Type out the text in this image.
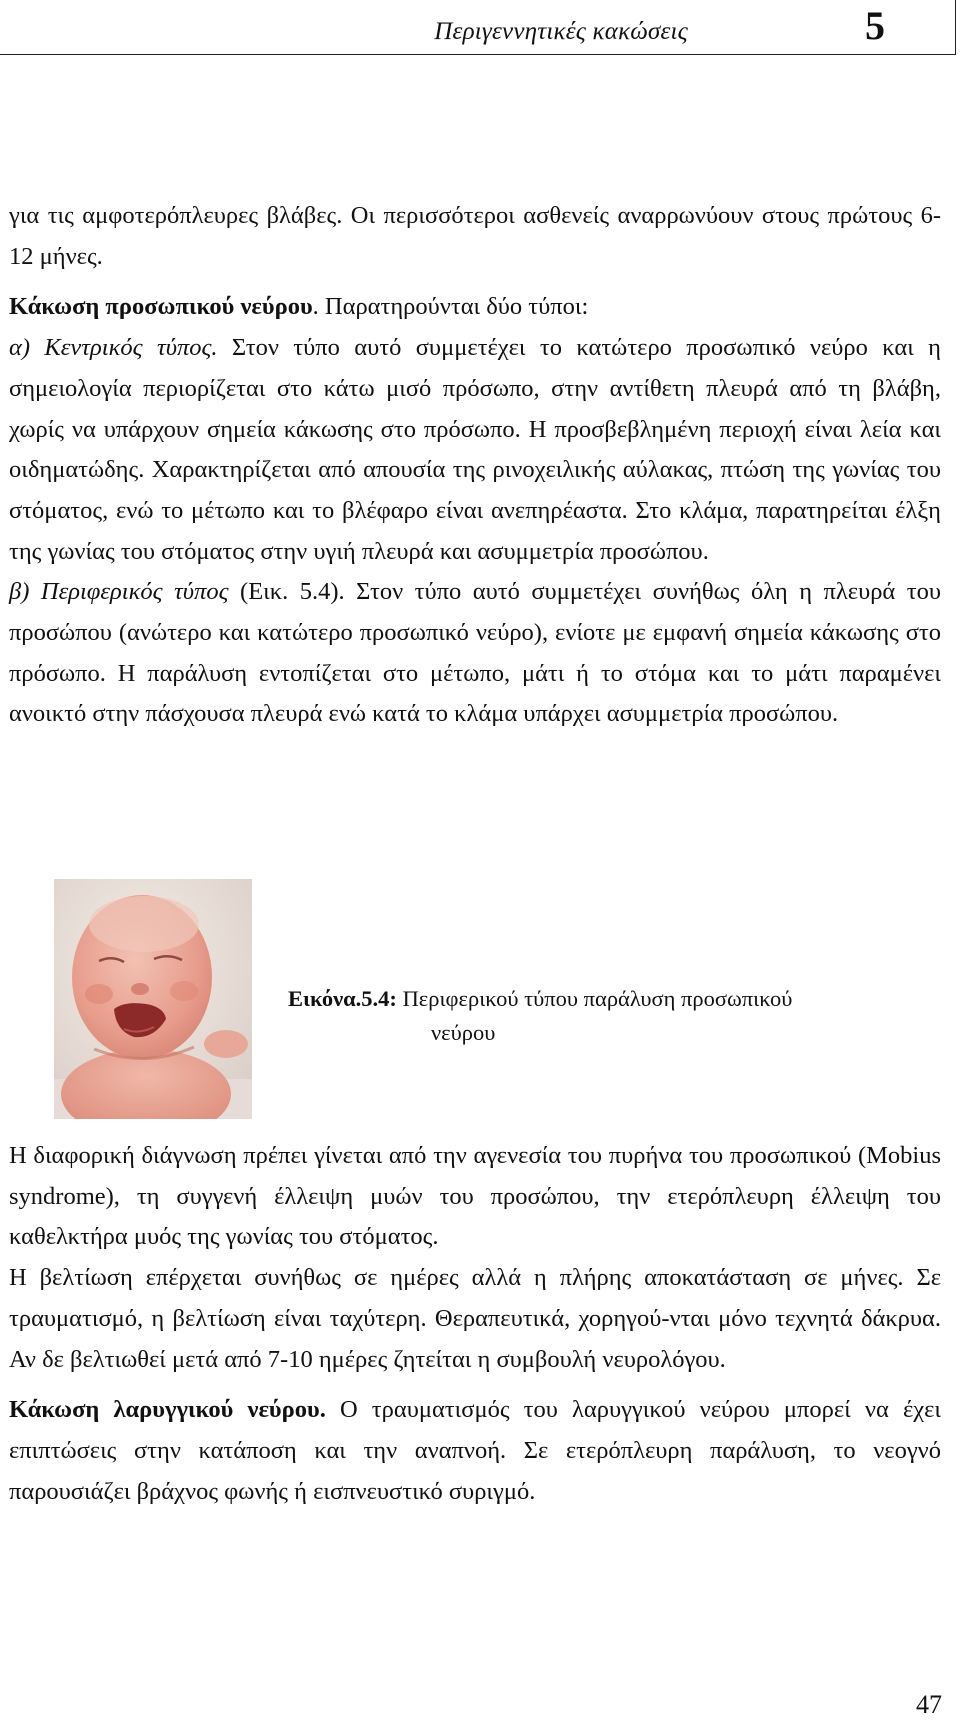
Περιγεννητικές κακώσεις	5

για τις αμφοτερόπλευρες βλάβες. Οι περισσότεροι ασθενείς αναρρωνύουν στους πρώτους 6-12 μήνες.

Κάκωση προσωπικού νεύρου. Παρατηρούνται δύο τύποι:

α) Κεντρικός τύπος. Στον τύπο αυτό συμμετέχει το κατώτερο προσωπικό νεύρο και η σημειολογία περιορίζεται στο κάτω μισό πρόσωπο, στην αντίθετη πλευρά από τη βλάβη, χωρίς να υπάρχουν σημεία κάκωσης στο πρόσωπο. Η προσβεβλημένη περιοχή είναι λεία και οιδηματώδης. Χαρακτηρίζεται από απουσία της ρινοχειλικής αύλακας, πτώση της γωνίας του στόματος, ενώ το μέτωπο και το βλέφαρο είναι ανεπηρέαστα. Στο κλάμα, παρατηρείται έλξη της γωνίας του στόματος στην υγιή πλευρά και ασυμμετρία προσώπου.

β) Περιφερικός τύπος (Εικ. 5.4). Στον τύπο αυτό συμμετέχει συνήθως όλη η πλευρά του προσώπου (ανώτερο και κατώτερο προσωπικό νεύρο), ενίοτε με εμφανή σημεία κάκωσης στο πρόσωπο. Η παράλυση εντοπίζεται στο μέτωπο, μάτι ή το στόμα και το μάτι παραμένει ανοικτό στην πάσχουσα πλευρά ενώ κατά το κλάμα υπάρχει ασυμμετρία προσώπου.

Εικόνα.5.4: Περιφερικού τύπου παράλυση προσωπικού
νεύρου

Η διαφορική διάγνωση πρέπει γίνεται από την αγενεσία του πυρήνα του προσωπικού (Mobius syndrome), τη συγγενή έλλειψη μυών του προσώπου, την ετερόπλευρη έλλειψη του καθελκτήρα μυός της γωνίας του στόματος.

Η βελτίωση επέρχεται συνήθως σε ημέρες αλλά η πλήρης αποκατάσταση σε μήνες. Σε τραυματισμό, η βελτίωση είναι ταχύτερη. Θεραπευτικά, χορηγού-νται μόνο τεχνητά δάκρυα. Αν δε βελτιωθεί μετά από 7-10 ημέρες ζητείται η συμβουλή νευρολόγου.

Κάκωση λαρυγγικού νεύρου. Ο τραυματισμός του λαρυγγικού νεύρου μπορεί να έχει επιπτώσεις στην κατάποση και την αναπνοή. Σε ετερόπλευρη παράλυση, το νεογνό παρουσιάζει βράχνος φωνής ή εισπνευστικό συριγμό.

47
